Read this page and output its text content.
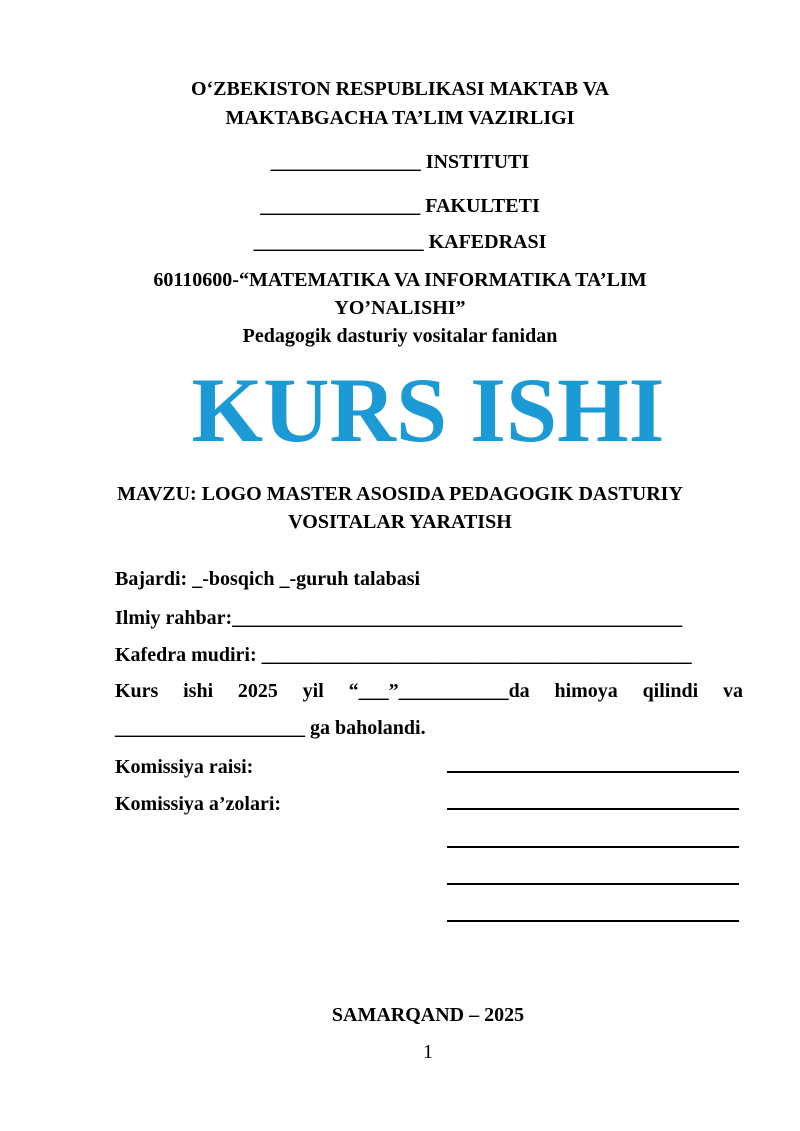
O‘ZBEKISTON RESPUBLIKASI MAKTAB VA
MAKTABGACHA TA’LIM VAZIRLIGI
_______________ INSTITUTI
________________ FAKULTETI
_________________ KAFEDRASI
60110600-“MATEMATIKA VA INFORMATIKA TA’LIM
YO’NALISHI”
Pedagogik dasturiy vositalar fanidan
KURS ISHI
MAVZU: LOGO MASTER ASOSIDA PEDAGOGIK DASTURIY
VOSITALAR YARATISH
Bajardi: _-bosqich _-guruh talabasi
Ilmiy rahbar:_____________________________________________
Kafedra mudiri: ___________________________________________
Kurs ishi 2025 yil “___”___________da himoya qilindi va
___________________ ga baholandi.
Komissiya raisi:
Komissiya a’zolari:
SAMARQAND – 2025
1
